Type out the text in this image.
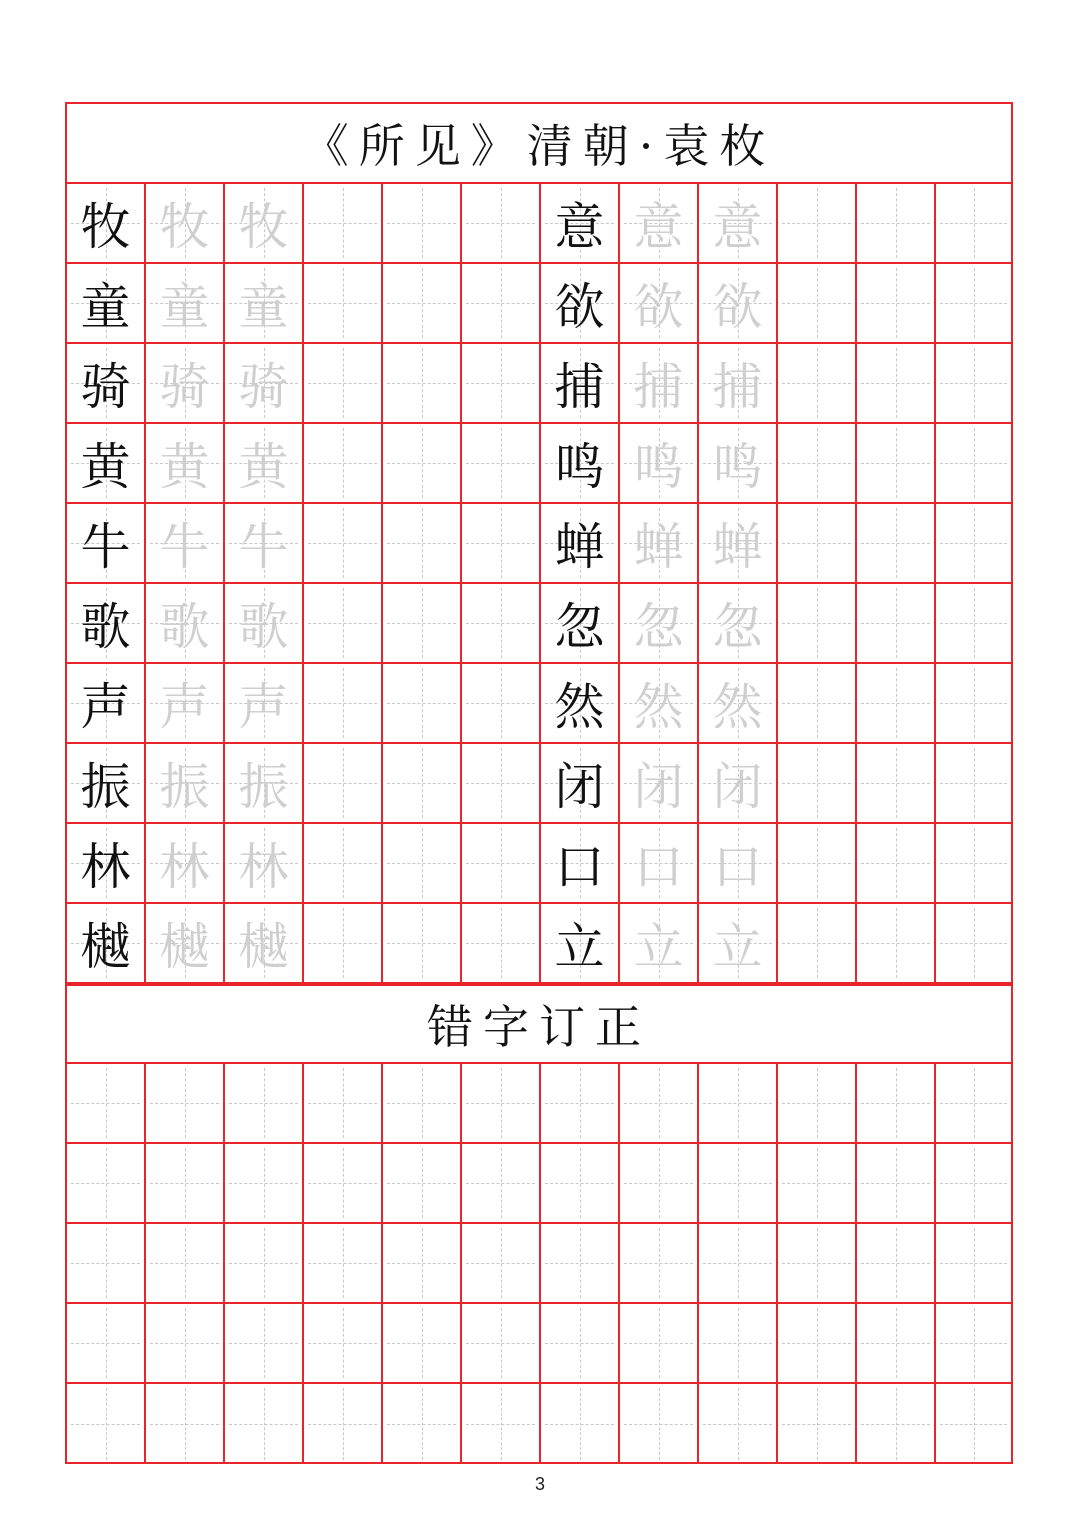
《所见》清朝·袁枚
牧 牧 牧	意 意 意
童 童 童	欲 欲 欲
骑 骑 骑	捕 捕 捕
黄 黄 黄	鸣 鸣 鸣
牛 牛 牛	蝉 蝉 蝉
歌 歌 歌	忽 忽 忽
声 声 声	然 然 然
振 振 振	闭 闭 闭
林 林 林	口 口 口
樾 樾 樾	立 立 立
错字订正
3
